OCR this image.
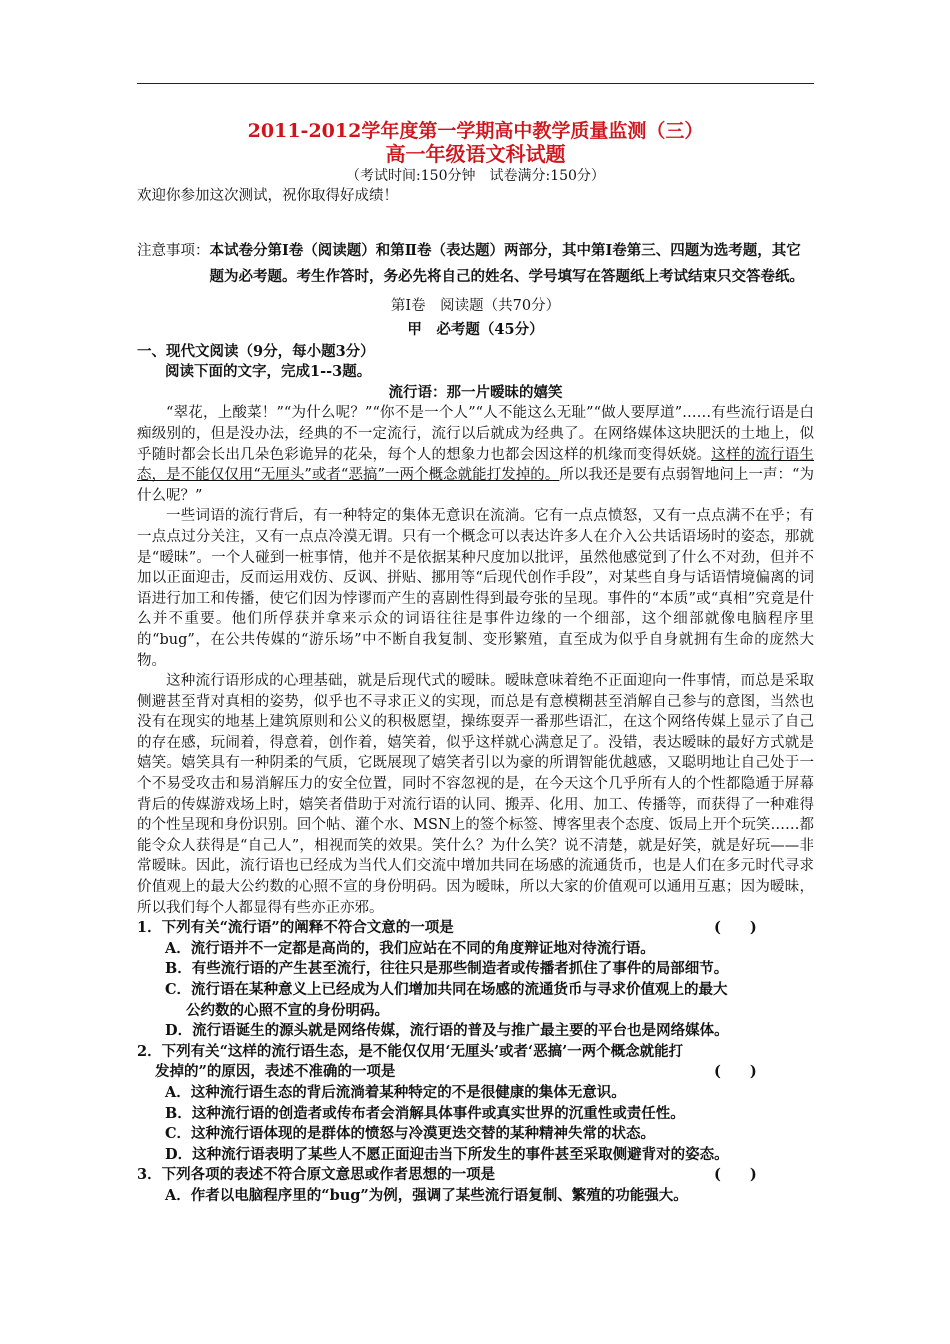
2011-2012学年度第一学期高中教学质量监测（三）
高一年级语文科试题
（考试时间:150分钟　试卷满分:150分）
欢迎你参加这次测试，祝你取得好成绩！
注意事项： 本试卷分第Ⅰ卷（阅读题）和第Ⅱ卷（表达题）两部分，其中第Ⅰ卷第三、四题为选考题，其它题为必考题。考生作答时，务必先将自己的姓名、学号填写在答题纸上考试结束只交答卷纸。
第Ⅰ卷　阅读题（共70分）
甲　必考题（45分）
一、现代文阅读（9分，每小题3分）
阅读下面的文字，完成1--3题。
流行语：那一片暧昧的嬉笑

“翠花，上酸菜！”“为什么呢？”“你不是一个人”“人不能这么无耻”“做人要厚道”……有些流行语是白痴级别的，但是没办法，经典的不一定流行，流行以后就成为经典了。在网络媒体这块肥沃的土地上，似乎随时都会长出几朵色彩诡异的花朵，每个人的想象力也都会因这样的机缘而变得妖娆。这样的流行语生态，是不能仅仅用“无厘头”或者“恶搞”一两个概念就能打发掉的。所以我还是要有点弱智地问上一声：“为什么呢？”

一些词语的流行背后，有一种特定的集体无意识在流淌。它有一点点愤怒，又有一点点满不在乎；有一点点过分关注，又有一点点冷漠无谓。只有一个概念可以表达许多人在介入公共话语场时的姿态，那就是“暧昧”。一个人碰到一桩事情，他并不是依据某种尺度加以批评，虽然他感觉到了什么不对劲，但并不加以正面迎击，反而运用戏仿、反讽、拼贴、挪用等“后现代创作手段”，对某些自身与话语情境偏离的词语进行加工和传播，使它们因为悖谬而产生的喜剧性得到最夸张的呈现。事件的“本质”或“真相”究竟是什么并不重要。他们所俘获并拿来示众的词语往往是事件边缘的一个细部，这个细部就像电脑程序里的“bug”，在公共传媒的“游乐场”中不断自我复制、变形繁殖，直至成为似乎自身就拥有生命的庞然大物。

这种流行语形成的心理基础，就是后现代式的暧昧。暧昧意味着绝不正面迎向一件事情，而总是采取侧避甚至背对真相的姿势，似乎也不寻求正义的实现，而总是有意模糊甚至消解自己参与的意图，当然也没有在现实的地基上建筑原则和公义的积极愿望，操练耍弄一番那些语汇，在这个网络传媒上显示了自己的存在感，玩闹着，得意着，创作着，嬉笑着，似乎这样就心满意足了。没错，表达暧昧的最好方式就是嬉笑。嬉笑具有一种阴柔的气质，它既展现了嬉笑者引以为豪的所谓智能优越感，又聪明地让自己处于一个不易受攻击和易消解压力的安全位置，同时不容忽视的是，在今天这个几乎所有人的个性都隐遁于屏幕背后的传媒游戏场上时，嬉笑者借助于对流行语的认同、搬弄、化用、加工、传播等，而获得了一种难得的个性呈现和身份识别。回个帖、灌个水、MSN上的签个标签、博客里表个态度、饭局上开个玩笑……都能令众人获得是“自己人”，相视而笑的效果。笑什么？为什么笑？说不清楚，就是好笑，就是好玩——非常暧昧。因此，流行语也已经成为当代人们交流中增加共同在场感的流通货币，也是人们在多元时代寻求价值观上的最大公约数的心照不宣的身份明码。因为暧昧，所以大家的价值观可以通用互惠；因为暧昧，所以我们每个人都显得有些亦正亦邪。

1．下列有关“流行语”的阐释不符合文意的一项是	(　　)
A．流行语并不一定都是高尚的，我们应站在不同的角度辩证地对待流行语。
B．有些流行语的产生甚至流行，往往只是那些制造者或传播者抓住了事件的局部细节。
C．流行语在某种意义上已经成为人们增加共同在场感的流通货币与寻求价值观上的最大
公约数的心照不宣的身份明码。
D．流行语诞生的源头就是网络传媒，流行语的普及与推广最主要的平台也是网络媒体。
2．下列有关“这样的流行语生态，是不能仅仅用‘无厘头’或者‘恶搞’一两个概念就能打
发掉的”的原因，表述不准确的一项是	(　　)
A．这种流行语生态的背后流淌着某种特定的不是很健康的集体无意识。
B．这种流行语的创造者或传布者会消解具体事件或真实世界的沉重性或责任性。
C．这种流行语体现的是群体的愤怒与冷漠更迭交替的某种精神失常的状态。
D．这种流行语表明了某些人不愿正面迎击当下所发生的事件甚至采取侧避背对的姿态。
3．下列各项的表述不符合原文意思或作者思想的一项是	(　　)
A．作者以电脑程序里的“bug”为例，强调了某些流行语复制、繁殖的功能强大。
